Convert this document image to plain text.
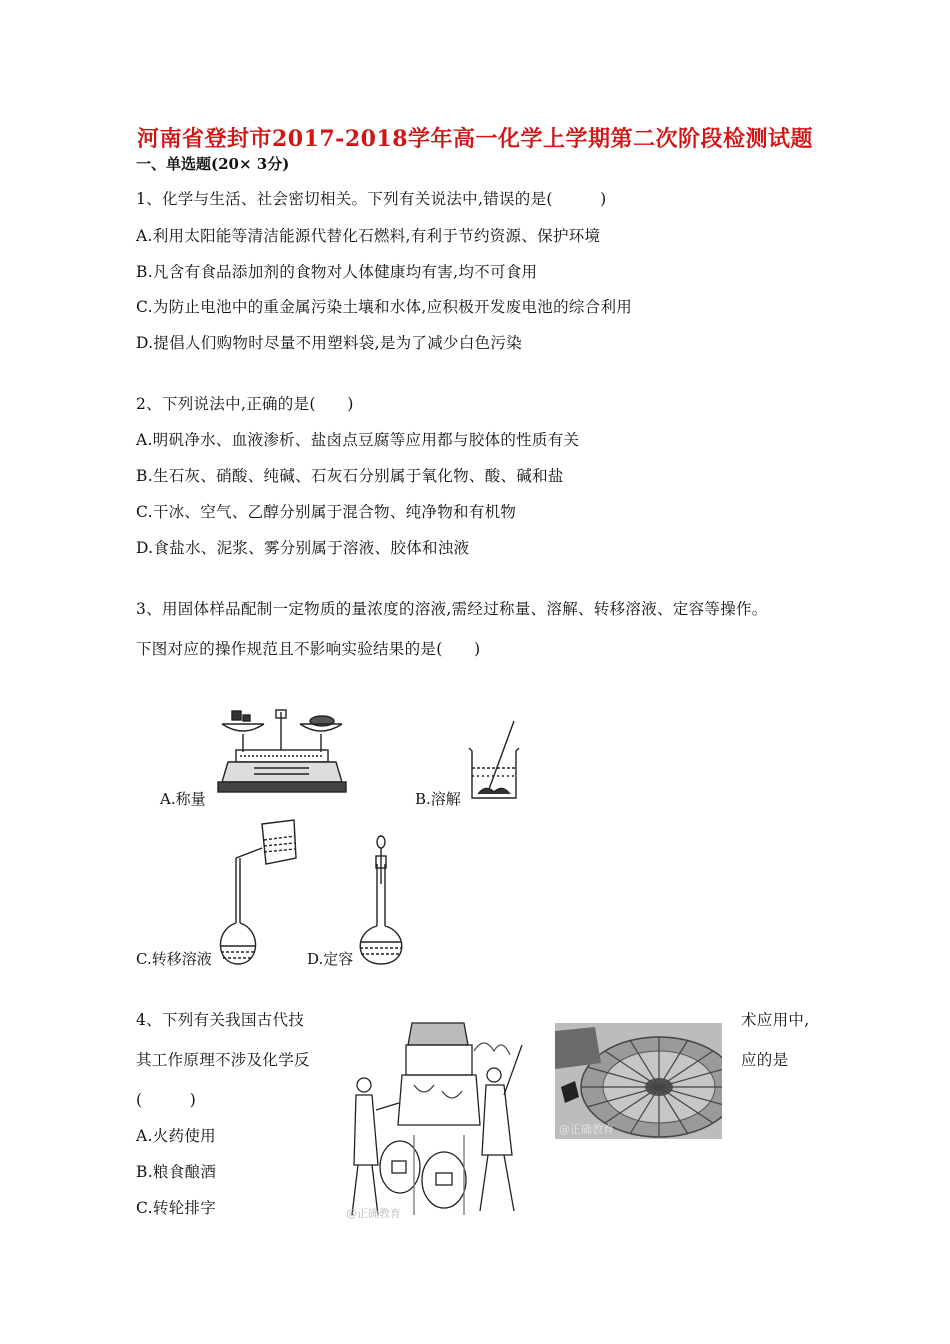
河南省登封市2017-2018学年高一化学上学期第二次阶段检测试题
一、单选题(20× 3分)
1、化学与生活、社会密切相关。下列有关说法中,错误的是(　　　)
A.利用太阳能等清洁能源代替化石燃料,有利于节约资源、保护环境
B.凡含有食品添加剂的食物对人体健康均有害,均不可食用
C.为防止电池中的重金属污染土壤和水体,应积极开发废电池的综合利用
D.提倡人们购物时尽量不用塑料袋,是为了减少白色污染
2、下列说法中,正确的是(　　)
A.明矾净水、血液渗析、盐卤点豆腐等应用都与胶体的性质有关
B.生石灰、硝酸、纯碱、石灰石分别属于氧化物、酸、碱和盐
C.干冰、空气、乙醇分别属于混合物、纯净物和有机物
D.食盐水、泥浆、雾分别属于溶液、胶体和浊液
3、用固体样品配制一定物质的量浓度的溶液,需经过称量、溶解、转移溶液、定容等操作。
下图对应的操作规范且不影响实验结果的是(　　)
A.称量	B.溶解
C.转移溶液	D.定容
4、下列有关我国古代技	术应用中,
其工作原理不涉及化学反	应的是
(　　　)
A.火药使用
B.粮食酿酒
C.转轮排字	@正确教育
@正确教育
